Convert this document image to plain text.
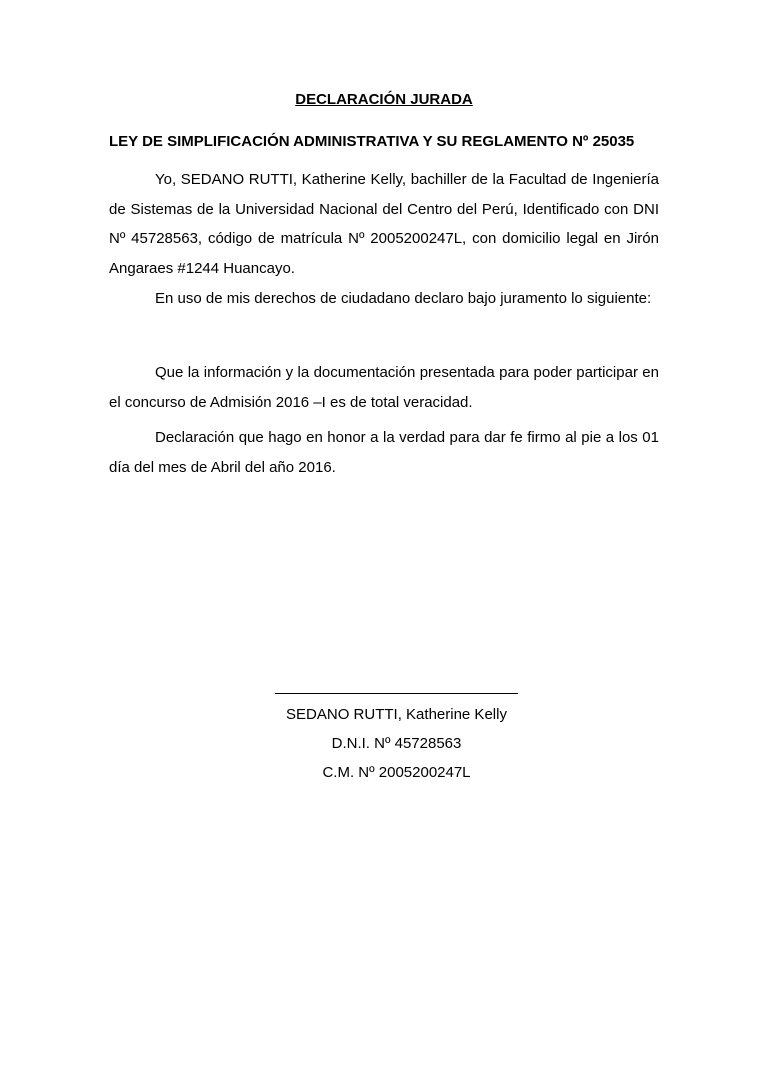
DECLARACIÓN JURADA
LEY DE SIMPLIFICACIÓN ADMINISTRATIVA Y SU REGLAMENTO Nº 25035

Yo, SEDANO RUTTI, Katherine Kelly, bachiller de la Facultad de Ingeniería de Sistemas de la Universidad Nacional del Centro del Perú, Identificado con DNI Nº 45728563, código de matrícula Nº 2005200247L, con domicilio legal en Jirón Angaraes #1244 Huancayo.

En uso de mis derechos de ciudadano declaro bajo juramento lo siguiente:

Que la información y la documentación presentada para poder participar en el concurso de Admisión 2016 –I es de total veracidad.

Declaración que hago en honor a la verdad para dar fe firmo al pie a los 01 día del mes de Abril del año 2016.

SEDANO RUTTI, Katherine Kelly
D.N.I. Nº 45728563
C.M. Nº 2005200247L
